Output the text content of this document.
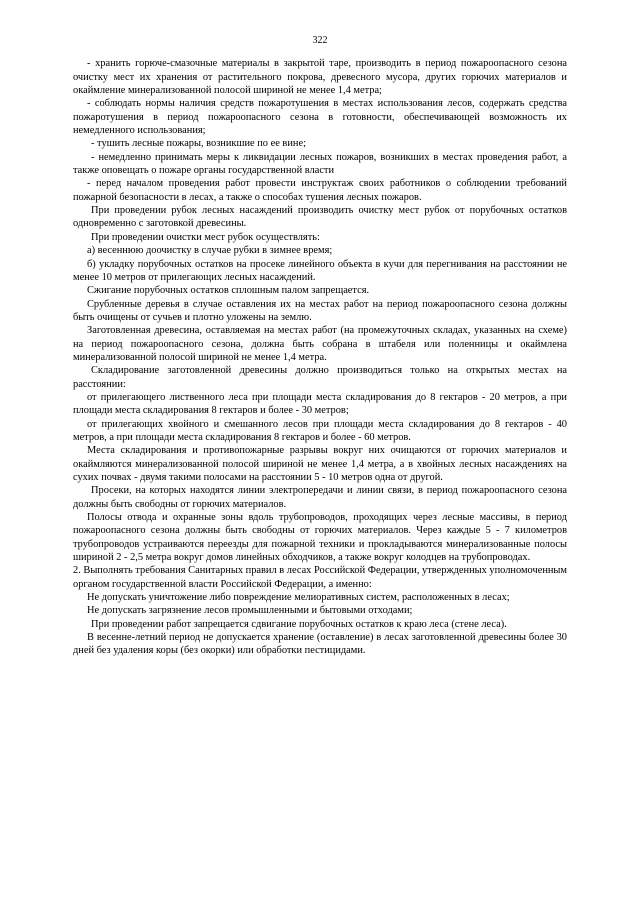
322

- хранить горюче-смазочные материалы в закрытой таре, производить в период пожароопасного сезона очистку мест их хранения от растительного покрова, древесного мусора, других горючих материалов и окаймление минерализованной полосой шириной не менее 1,4 метра;

- соблюдать нормы наличия средств пожаротушения в местах использования лесов, содержать средства пожаротушения в период пожароопасного сезона в готовности, обеспечивающей возможность их немедленного использования;

- тушить лесные пожары, возникшие по ее вине;

- немедленно принимать меры к ликвидации лесных пожаров, возникших в местах проведения работ, а также оповещать о пожаре органы государственной власти

- перед началом проведения работ провести инструктаж своих работников о соблюдении требований пожарной безопасности в лесах, а также о способах тушения лесных пожаров.

При проведении рубок лесных насаждений производить очистку мест рубок от порубочных остатков одновременно с заготовкой древесины.

При проведении очистки мест рубок осуществлять:

а) весеннюю доочистку в случае рубки в зимнее время;

б) укладку порубочных остатков на просеке линейного объекта в кучи для перегнивания на расстоянии не менее 10 метров от прилегающих лесных насаждений.

Сжигание порубочных остатков сплошным палом запрещается.

Срубленные деревья в случае оставления их на местах работ на период пожароопасного сезона должны быть очищены от сучьев и плотно уложены на землю.

Заготовленная древесина, оставляемая на местах работ (на промежуточных складах, указанных на схеме) на период пожароопасного сезона, должна быть собрана в штабеля или поленницы и окаймлена минерализованной полосой шириной не менее 1,4 метра.

Складирование заготовленной древесины должно производиться только на открытых местах на расстоянии:

от прилегающего лиственного леса при площади места складирования до 8 гектаров - 20 метров, а при площади места складирования 8 гектаров и более - 30 метров;

от прилегающих хвойного и смешанного лесов при площади места складирования до 8 гектаров - 40 метров, а при площади места складирования 8 гектаров и более - 60 метров.

Места складирования и противопожарные разрывы вокруг них очищаются от горючих материалов и окаймляются минерализованной полосой шириной не менее 1,4 метра, а в хвойных лесных насаждениях на сухих почвах - двумя такими полосами на расстоянии 5 - 10 метров одна от другой.

Просеки, на которых находятся линии электропередачи и линии связи, в период пожароопасного сезона должны быть свободны от горючих материалов.

Полосы отвода и охранные зоны вдоль трубопроводов, проходящих через лесные массивы, в период пожароопасного сезона должны быть свободны от горючих материалов. Через каждые 5 - 7 километров трубопроводов устраиваются переезды для пожарной техники и прокладываются минерализованные полосы шириной 2 - 2,5 метра вокруг домов линейных обходчиков, а также вокруг колодцев на трубопроводах.

2. Выполнять требования Санитарных правил в лесах Российской Федерации, утвержденных уполномоченным органом государственной власти Российской Федерации, а именно:

Не допускать уничтожение либо повреждение мелиоративных систем, расположенных в лесах;

Не допускать загрязнение лесов промышленными и бытовыми отходами;

При проведении работ запрещается сдвигание порубочных остатков к краю леса (стене леса).

В весенне-летний период не допускается хранение (оставление) в лесах заготовленной древесины более 30 дней без удаления коры (без окорки) или обработки пестицидами.
